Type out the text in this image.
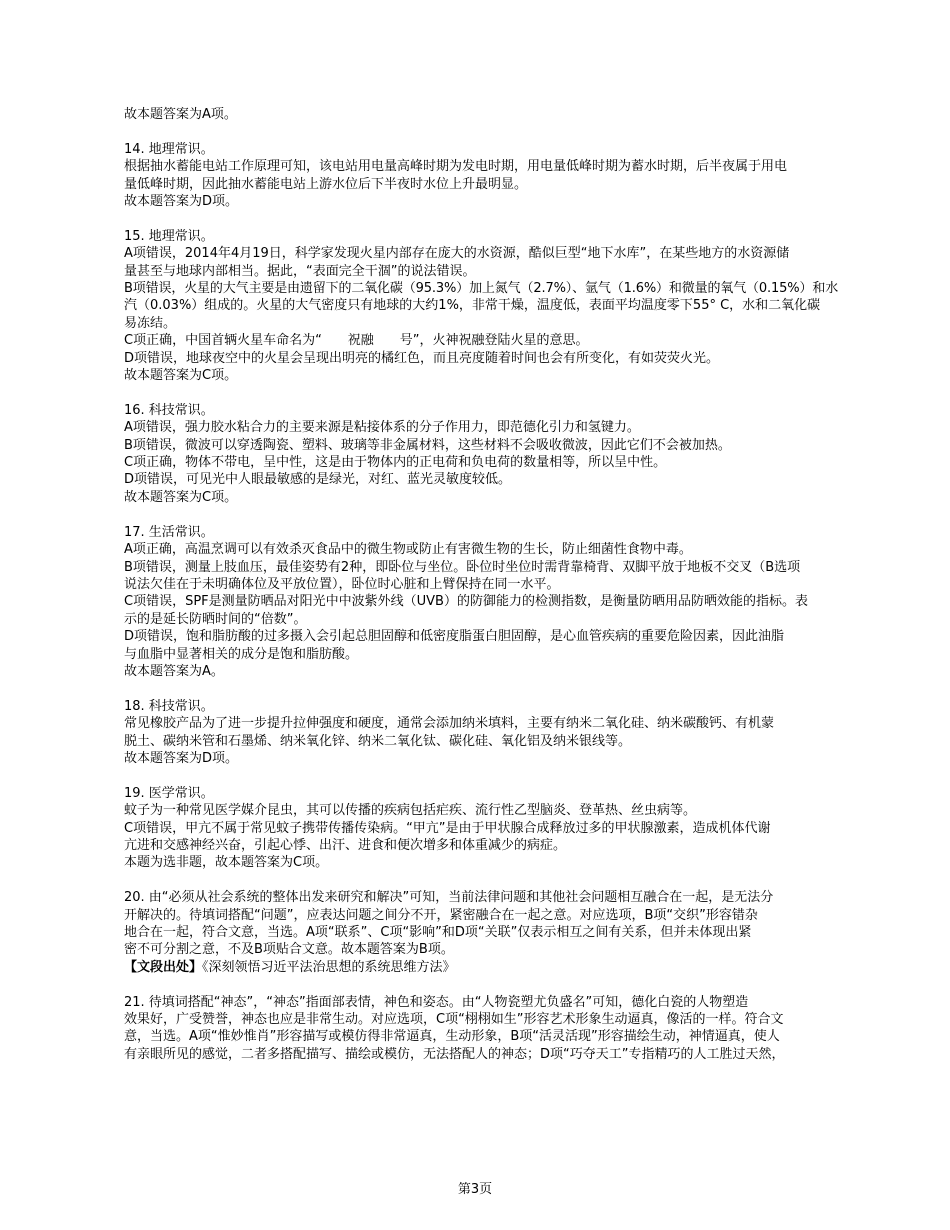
故本题答案为A项。
14. 地理常识。
根据抽水蓄能电站工作原理可知，该电站用电量高峰时期为发电时期，用电量低峰时期为蓄水时期，后半夜属于用电
量低峰时期，因此抽水蓄能电站上游水位后下半夜时水位上升最明显。
故本题答案为D项。
15. 地理常识。
A项错误，2014年4月19日，科学家发现火星内部存在庞大的水资源，酷似巨型“地下水库”，在某些地方的水资源储
量甚至与地球内部相当。据此，“表面完全干涸”的说法错误。
B项错误，火星的大气主要是由遗留下的二氧化碳（95.3%）加上氮气（2.7%）、氩气（1.6%）和微量的氧气（0.15%）和水
汽（0.03%）组成的。火星的大气密度只有地球的大约1%，非常干燥，温度低，表面平均温度零下55° C，水和二氧化碳
易冻结。
C项正确，中国首辆火星车命名为“　　祝融　　号”，火神祝融登陆火星的意思。
D项错误，地球夜空中的火星会呈现出明亮的橘红色，而且亮度随着时间也会有所变化，有如荧荧火光。
故本题答案为C项。
16. 科技常识。
A项错误，强力胶水粘合力的主要来源是粘接体系的分子作用力，即范德化引力和氢键力。
B项错误，微波可以穿透陶瓷、塑料、玻璃等非金属材料，这些材料不会吸收微波，因此它们不会被加热。
C项正确，物体不带电，呈中性，这是由于物体内的正电荷和负电荷的数量相等，所以呈中性。
D项错误，可见光中人眼最敏感的是绿光，对红、蓝光灵敏度较低。
故本题答案为C项。
17. 生活常识。
A项正确，高温烹调可以有效杀灭食品中的微生物或防止有害微生物的生长，防止细菌性食物中毒。
B项错误，测量上肢血压，最佳姿势有2种，即卧位与坐位。卧位时坐位时需背靠椅背、双脚平放于地板不交叉（B选项
说法欠佳在于未明确体位及平放位置），卧位时心脏和上臂保持在同一水平。
C项错误，SPF是测量防晒品对阳光中中波紫外线（UVB）的防御能力的检测指数，是衡量防晒用品防晒效能的指标。表
示的是延长防晒时间的“倍数”。
D项错误，饱和脂肪酸的过多摄入会引起总胆固醇和低密度脂蛋白胆固醇，是心血管疾病的重要危险因素，因此油脂
与血脂中显著相关的成分是饱和脂肪酸。
故本题答案为A。
18. 科技常识。
常见橡胶产品为了进一步提升拉伸强度和硬度，通常会添加纳米填料，主要有纳米二氧化硅、纳米碳酸钙、有机蒙
脱土、碳纳米管和石墨烯、纳米氧化锌、纳米二氧化钛、碳化硅、氧化铝及纳米银线等。
故本题答案为D项。
19. 医学常识。
蚊子为一种常见医学媒介昆虫，其可以传播的疾病包括疟疾、流行性乙型脑炎、登革热、丝虫病等。
C项错误，甲亢不属于常见蚊子携带传播传染病。“甲亢”是由于甲状腺合成释放过多的甲状腺激素，造成机体代谢
亢进和交感神经兴奋，引起心悸、出汗、进食和便次增多和体重减少的病症。
本题为选非题，故本题答案为C项。
20. 由“必须从社会系统的整体出发来研究和解决”可知，当前法律问题和其他社会问题相互融合在一起，是无法分
开解决的。待填词搭配“问题”，应表达问题之间分不开，紧密融合在一起之意。对应选项，B项“交织”形容错杂
地合在一起，符合文意，当选。A项“联系”、C项“影响”和D项“关联”仅表示相互之间有关系，但并未体现出紧
密不可分割之意，不及B项贴合文意。故本题答案为B项。
【文段出处】《深刻领悟习近平法治思想的系统思维方法》
21. 待填词搭配“神态”，“神态”指面部表情，神色和姿态。由“人物瓷塑尤负盛名”可知，德化白瓷的人物塑造
效果好，广受赞誉，神态也应是非常生动。对应选项，C项“栩栩如生”形容艺术形象生动逼真，像活的一样。符合文
意，当选。A项“惟妙惟肖”形容描写或模仿得非常逼真，生动形象，B项“活灵活现”形容描绘生动，神情逼真，使人
有亲眼所见的感觉，二者多搭配描写、描绘或模仿，无法搭配人的神态；D项“巧夺天工”专指精巧的人工胜过天然，
第3页
